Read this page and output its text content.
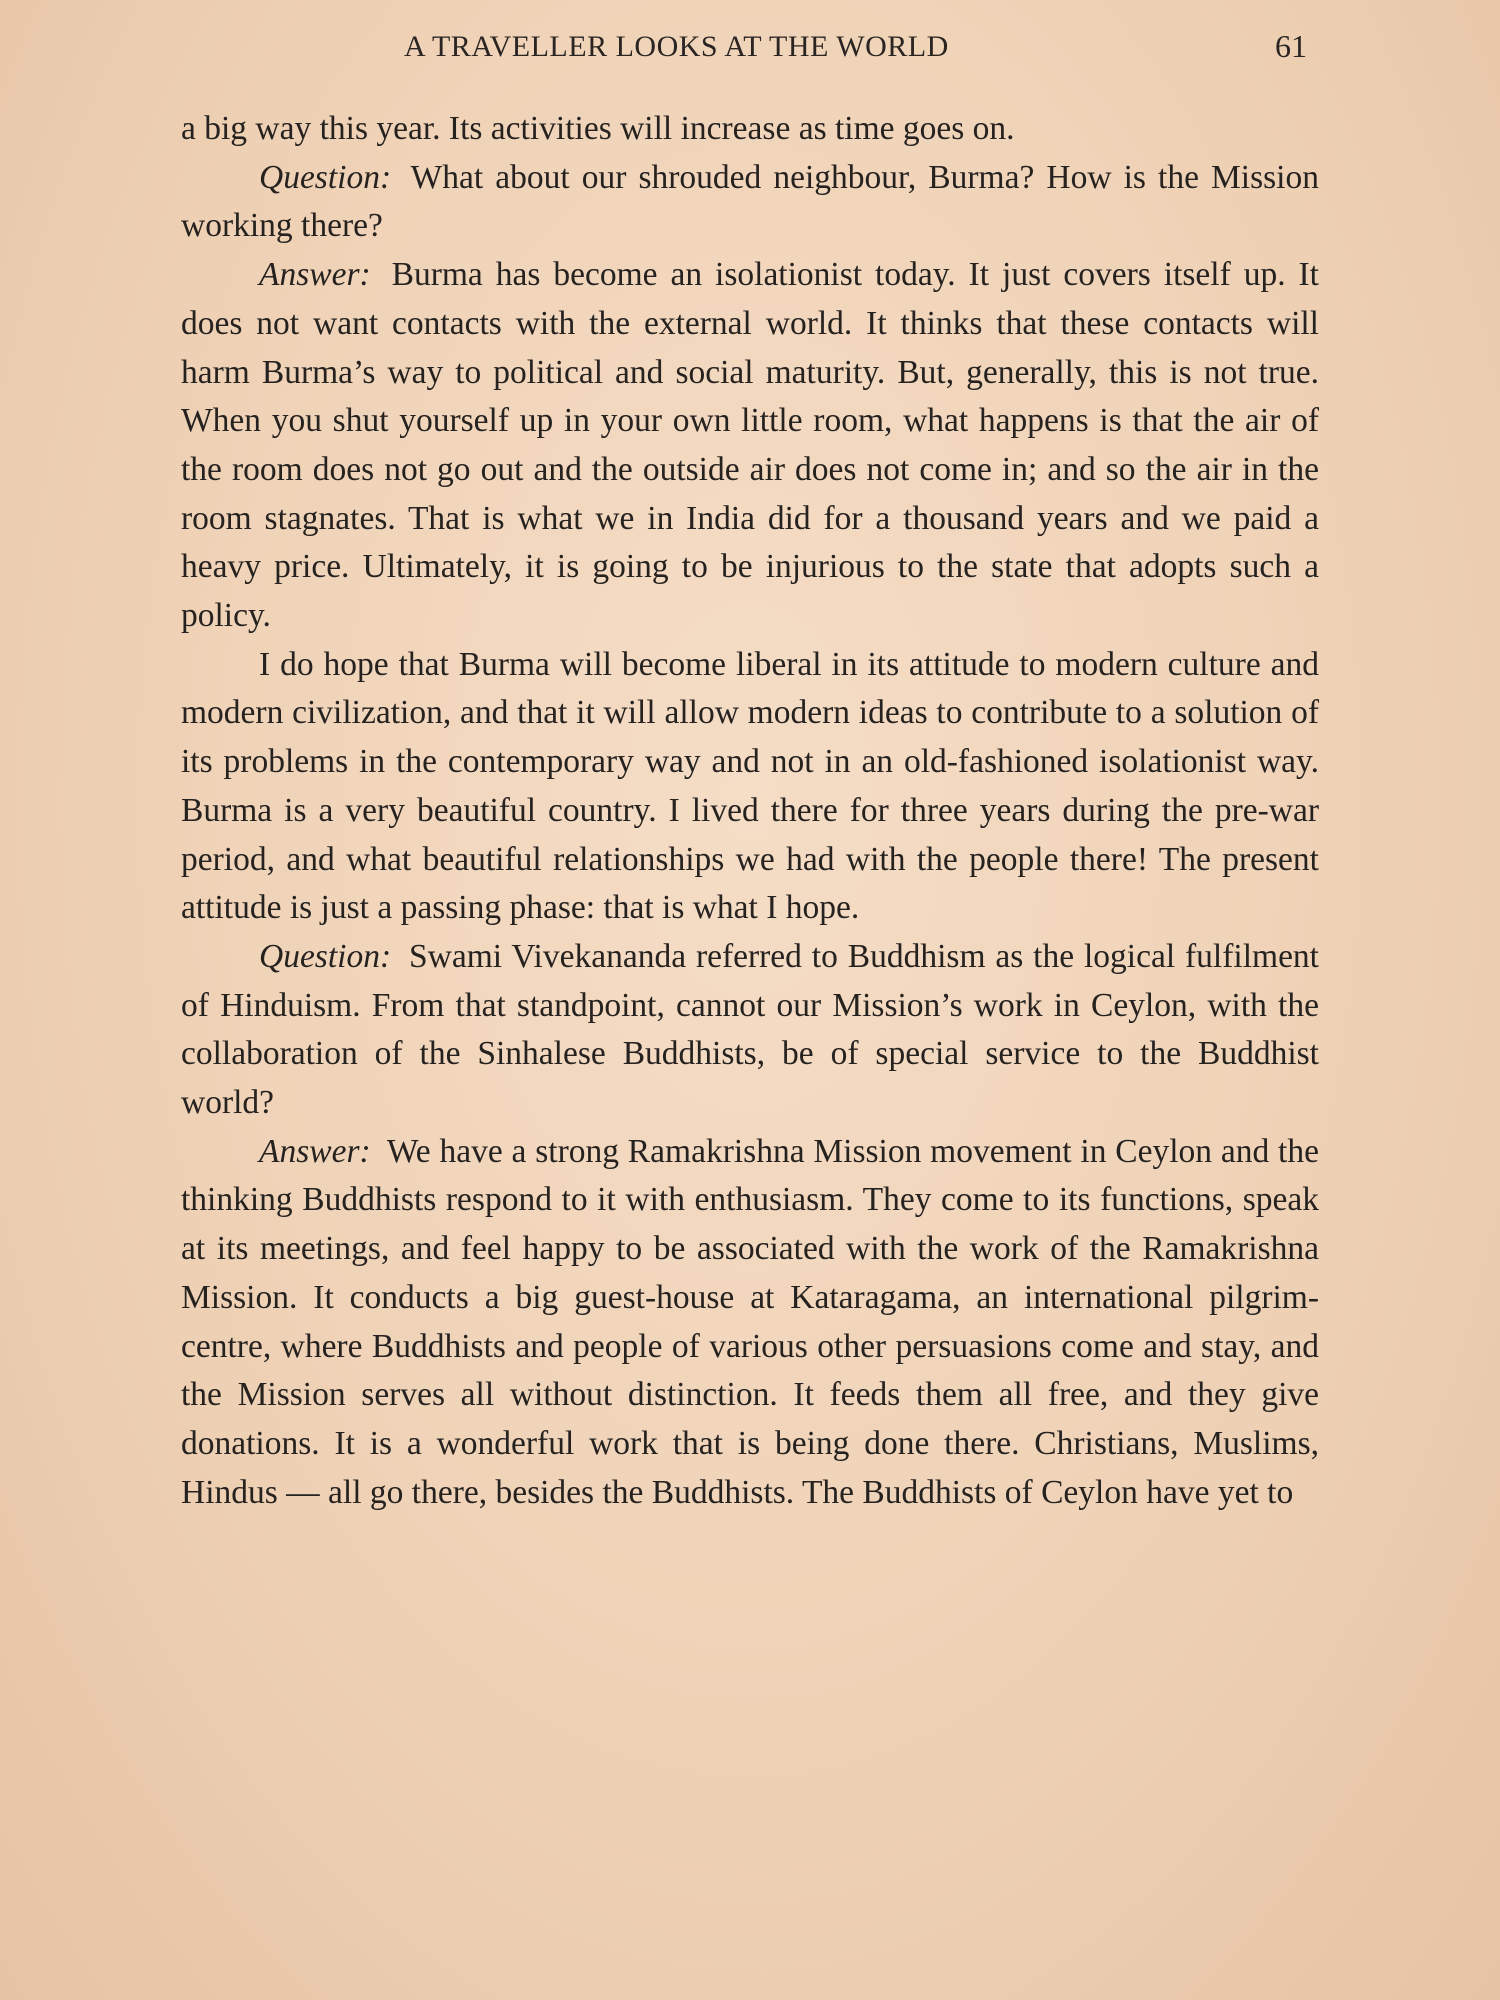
A TRAVELLER LOOKS AT THE WORLD	61

a big way this year. Its activities will increase as time goes on.

Question: What about our shrouded neighbour, Burma? How is the Mission working there?

Answer: Burma has become an isolationist today. It just covers itself up. It does not want contacts with the external world. It thinks that these contacts will harm Burma’s way to political and social maturity. But, generally, this is not true. When you shut yourself up in your own little room, what happens is that the air of the room does not go out and the outside air does not come in; and so the air in the room stagnates. That is what we in India did for a thousand years and we paid a heavy price. Ultimately, it is going to be injurious to the state that adopts such a policy.

I do hope that Burma will become liberal in its attitude to modern culture and modern civilization, and that it will allow modern ideas to contribute to a solution of its problems in the contemporary way and not in an old-fashioned isolationist way. Burma is a very beautiful country. I lived there for three years during the pre-war period, and what beautiful relationships we had with the people there! The present attitude is just a passing phase: that is what I hope.

Question: Swami Vivekananda referred to Buddhism as the logical fulfilment of Hinduism. From that standpoint, cannot our Mission’s work in Ceylon, with the collaboration of the Sinhalese Buddhists, be of special service to the Buddhist world?

Answer: We have a strong Ramakrishna Mission movement in Ceylon and the thinking Buddhists respond to it with enthusiasm. They come to its functions, speak at its meetings, and feel happy to be associated with the work of the Ramakrishna Mission. It conducts a big guest-house at Kataragama, an international pilgrim-centre, where Buddhists and people of various other persuasions come and stay, and the Mission serves all without distinction. It feeds them all free, and they give donations. It is a wonderful work that is being done there. Christians, Muslims, Hindus — all go there, besides the Buddhists. The Buddhists of Ceylon have yet to
